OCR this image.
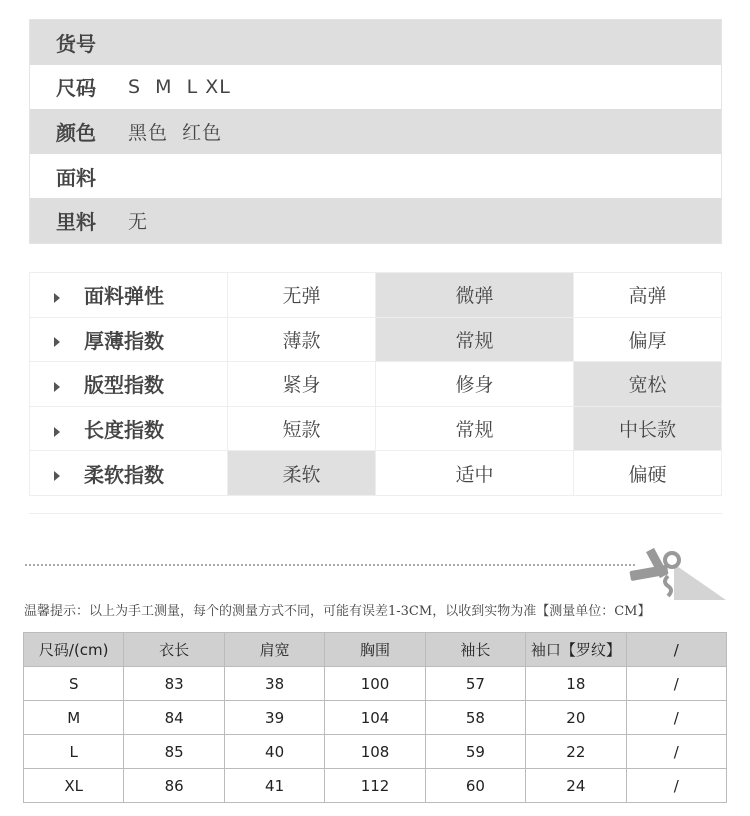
货号
尺码	S  M  L XL
颜色	黑色  红色
面料
里料	无
面料弹性	无弹	微弹	高弹
厚薄指数	薄款	常规	偏厚
版型指数	紧身	修身	宽松
长度指数	短款	常规	中长款
柔软指数	柔软	适中	偏硬
温馨提示：以上为手工测量，每个的测量方式不同，可能有误差1-3CM，以收到实物为准【测量单位：CM】
尺码/(cm)	衣长	肩宽	胸围	袖长	袖口【罗纹】	/
S	83	38	100	57	18	/
M	84	39	104	58	20	/
L	85	40	108	59	22	/
XL	86	41	112	60	24	/
